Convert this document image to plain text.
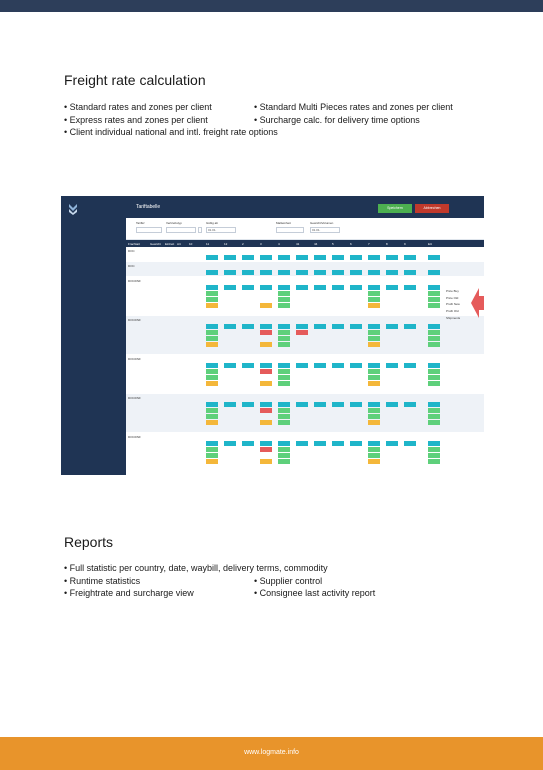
Freight rate calculation
• Standard rates and zones per client	• Standard Multi Pieces rates and zones per client
• Express rates and zones per client	• Surcharge calc. for delivery time options
• Client individual national and intl. freight rate options
Tariftabelle	Speichern	Abbrechen
Tarifkz	Vertriebstyp	Gültig ab	Maßeinheit	Gewicht/Volumen
01.01.	01.01.
Frachtart	Gewicht Einheit Art	10	11	12	2	3	4	41	44	5	6	7	8	9	EU
DOC
DOC
DOCDNF
DOCDNF
DOCDNF
DOCDNF
DOCDNF
Price Buy
Price Old
Profit New
Profit Old
Shipments
Reports
• Full statistic per country, date, waybill, delivery terms, commodity
• Runtime statistics	• Supplier control
• Freightrate and surcharge view	• Consignee last activity report
www.logmate.info
